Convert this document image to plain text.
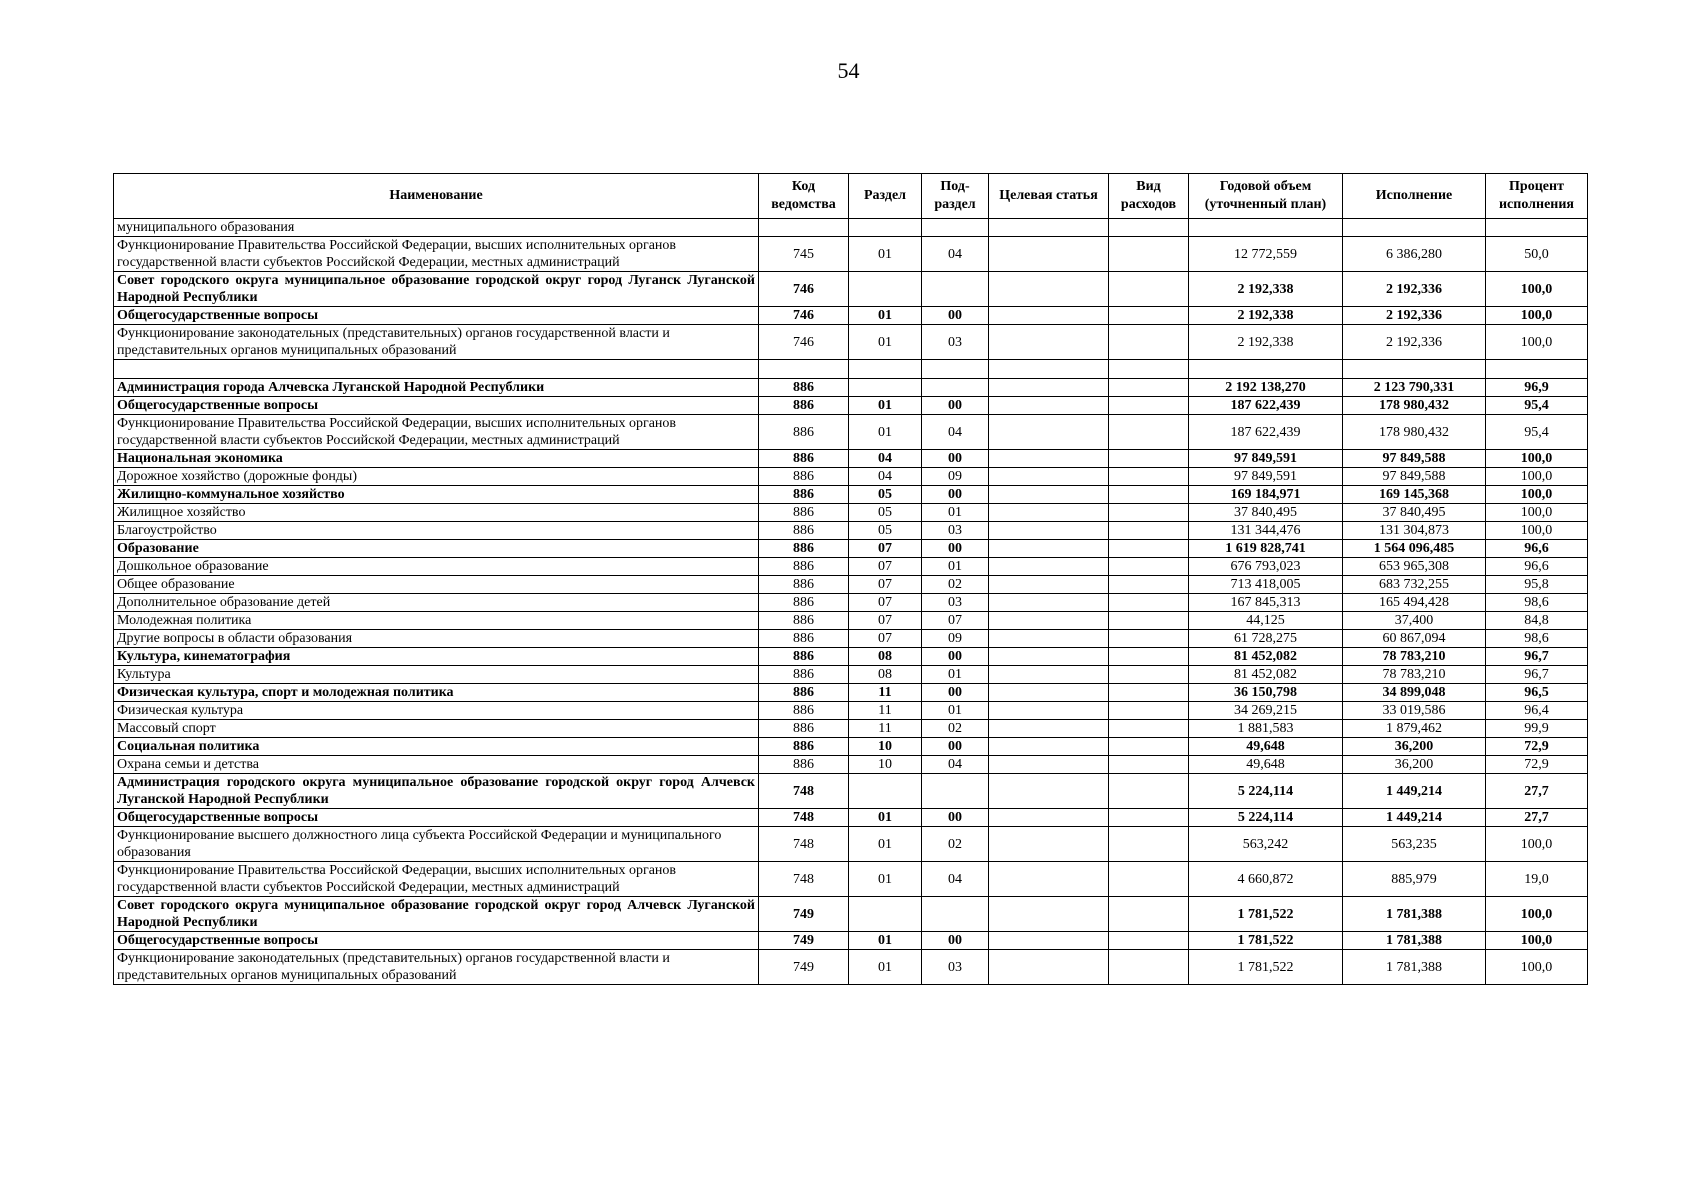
54
Наименование	Код ведомства	Раздел	Под-раздел	Целевая статья	Вид расходов	Годовой объем (уточненный план)	Исполнение	Процент исполнения
муниципального образования								
Функционирование Правительства Российской Федерации, высших исполнительных органов государственной власти субъектов Российской Федерации, местных администраций	745	01	04			12 772,559	6 386,280	50,0
Совет городского округа муниципальное образование городской округ город Луганск Луганской Народной Республики	746					2 192,338	2 192,336	100,0
Общегосударственные вопросы	746	01	00			2 192,338	2 192,336	100,0
Функционирование законодательных (представительных) органов государственной власти и представительных органов муниципальных образований	746	01	03			2 192,338	2 192,336	100,0

Администрация города Алчевска Луганской Народной Республики	886					2 192 138,270	2 123 790,331	96,9
Общегосударственные вопросы	886	01	00			187 622,439	178 980,432	95,4
Функционирование Правительства Российской Федерации, высших исполнительных органов государственной власти субъектов Российской Федерации, местных администраций	886	01	04			187 622,439	178 980,432	95,4
Национальная экономика	886	04	00			97 849,591	97 849,588	100,0
Дорожное хозяйство (дорожные фонды)	886	04	09			97 849,591	97 849,588	100,0
Жилищно-коммунальное хозяйство	886	05	00			169 184,971	169 145,368	100,0
Жилищное хозяйство	886	05	01			37 840,495	37 840,495	100,0
Благоустройство	886	05	03			131 344,476	131 304,873	100,0
Образование	886	07	00			1 619 828,741	1 564 096,485	96,6
Дошкольное образование	886	07	01			676 793,023	653 965,308	96,6
Общее образование	886	07	02			713 418,005	683 732,255	95,8
Дополнительное образование детей	886	07	03			167 845,313	165 494,428	98,6
Молодежная политика	886	07	07			44,125	37,400	84,8
Другие вопросы в области образования	886	07	09			61 728,275	60 867,094	98,6
Культура, кинематография	886	08	00			81 452,082	78 783,210	96,7
Культура	886	08	01			81 452,082	78 783,210	96,7
Физическая культура, спорт и молодежная политика	886	11	00			36 150,798	34 899,048	96,5
Физическая культура	886	11	01			34 269,215	33 019,586	96,4
Массовый спорт	886	11	02			1 881,583	1 879,462	99,9
Социальная политика	886	10	00			49,648	36,200	72,9
Охрана семьи и детства	886	10	04			49,648	36,200	72,9
Администрация городского округа муниципальное образование городской округ город Алчевск Луганской Народной Республики	748					5 224,114	1 449,214	27,7
Общегосударственные вопросы	748	01	00			5 224,114	1 449,214	27,7
Функционирование высшего должностного лица субъекта Российской Федерации и муниципального образования	748	01	02			563,242	563,235	100,0
Функционирование Правительства Российской Федерации, высших исполнительных органов государственной власти субъектов Российской Федерации, местных администраций	748	01	04			4 660,872	885,979	19,0
Совет городского округа муниципальное образование городской округ город Алчевск Луганской Народной Республики	749					1 781,522	1 781,388	100,0
Общегосударственные вопросы	749	01	00			1 781,522	1 781,388	100,0
Функционирование законодательных (представительных) органов государственной власти и представительных органов муниципальных образований	749	01	03			1 781,522	1 781,388	100,0
